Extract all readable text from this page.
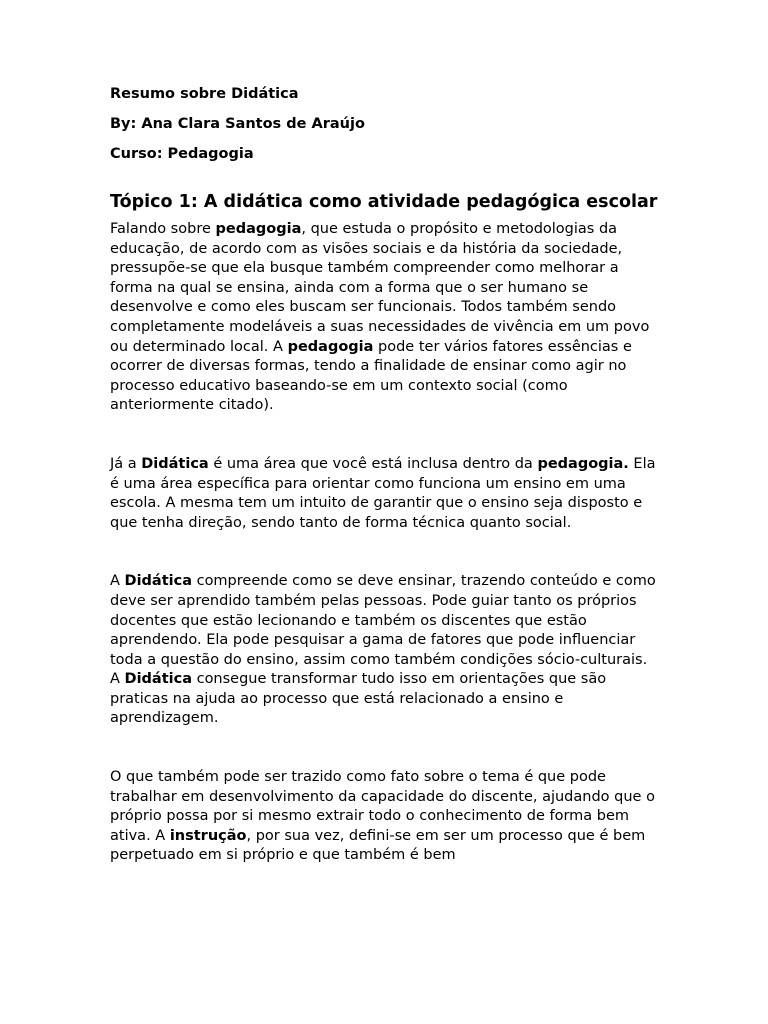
Resumo sobre Didática

By: Ana Clara Santos de Araújo

Curso: Pedagogia

Tópico 1: A didática como atividade pedagógica escolar

Falando sobre pedagogia, que estuda o propósito e metodologias da educação, de acordo com as visões sociais e da história da sociedade, pressupõe-se que ela busque também compreender como melhorar a forma na qual se ensina, ainda com a forma que o ser humano se desenvolve e como eles buscam ser funcionais. Todos também sendo completamente modeláveis a suas necessidades de vivência em um povo ou determinado local. A pedagogia pode ter vários fatores essências e ocorrer de diversas formas, tendo a finalidade de ensinar como agir no processo educativo baseando-se em um contexto social (como anteriormente citado).

Já a Didática é uma área que você está inclusa dentro da pedagogia. Ela é uma área específica para orientar como funciona um ensino em uma escola. A mesma tem um intuito de garantir que o ensino seja disposto e que tenha direção, sendo tanto de forma técnica quanto social.

A Didática compreende como se deve ensinar, trazendo conteúdo e como deve ser aprendido também pelas pessoas. Pode guiar tanto os próprios docentes que estão lecionando e também os discentes que estão aprendendo. Ela pode pesquisar a gama de fatores que pode influenciar toda a questão do ensino, assim como também condições sócio-culturais. A Didática consegue transformar tudo isso em orientações que são praticas na ajuda ao processo que está relacionado a ensino e aprendizagem.

O que também pode ser trazido como fato sobre o tema é que pode trabalhar em desenvolvimento da capacidade do discente, ajudando que o próprio possa por si mesmo extrair todo o conhecimento de forma bem ativa. A instrução, por sua vez, defini-se em ser um processo que é bem perpetuado em si próprio e que também é bem
